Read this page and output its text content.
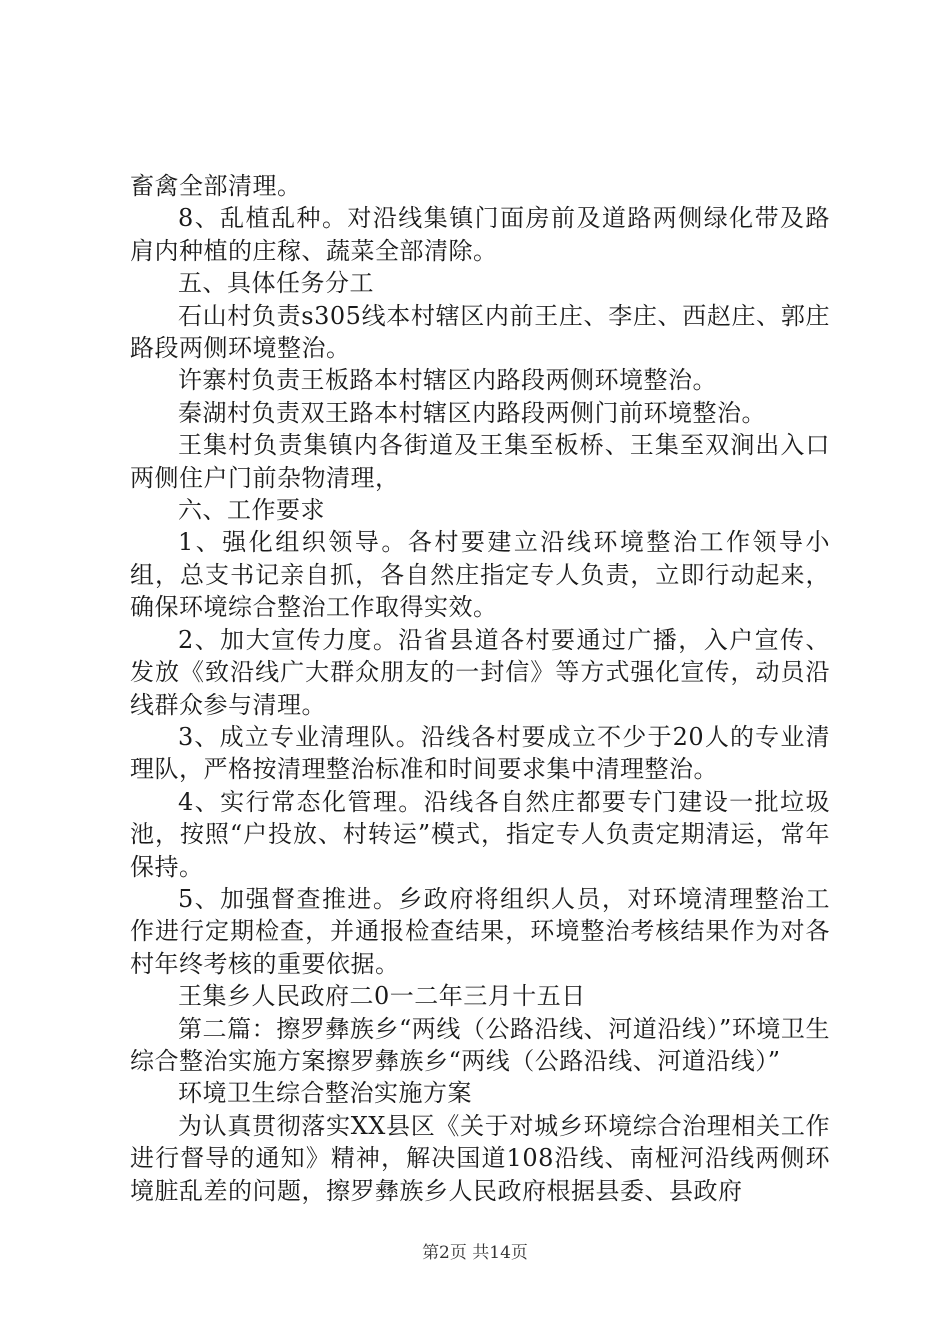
畜禽全部清理。

8、乱植乱种。对沿线集镇门面房前及道路两侧绿化带及路肩内种植的庄稼、蔬菜全部清除。

五、具体任务分工

石山村负责s305线本村辖区内前王庄、李庄、西赵庄、郭庄路段两侧环境整治。

许寨村负责王板路本村辖区内路段两侧环境整治。

秦湖村负责双王路本村辖区内路段两侧门前环境整治。

王集村负责集镇内各街道及王集至板桥、王集至双涧出入口两侧住户门前杂物清理，

六、工作要求

1、强化组织领导。各村要建立沿线环境整治工作领导小组，总支书记亲自抓，各自然庄指定专人负责，立即行动起来，确保环境综合整治工作取得实效。

2、加大宣传力度。沿省县道各村要通过广播，入户宣传、发放《致沿线广大群众朋友的一封信》等方式强化宣传，动员沿线群众参与清理。

3、成立专业清理队。沿线各村要成立不少于20人的专业清理队，严格按清理整治标准和时间要求集中清理整治。

4、实行常态化管理。沿线各自然庄都要专门建设一批垃圾池，按照“户投放、村转运”模式，指定专人负责定期清运，常年保持。

5、加强督查推进。乡政府将组织人员，对环境清理整治工作进行定期检查，并通报检查结果，环境整治考核结果作为对各村年终考核的重要依据。

王集乡人民政府二0一二年三月十五日

第二篇：擦罗彝族乡“两线（公路沿线、河道沿线）”环境卫生综合整治实施方案擦罗彝族乡“两线（公路沿线、河道沿线）”

环境卫生综合整治实施方案

为认真贯彻落实XX县区《关于对城乡环境综合治理相关工作进行督导的通知》精神，解决国道108沿线、南桠河沿线两侧环境脏乱差的问题，擦罗彝族乡人民政府根据县委、县政府

第2页 共14页
